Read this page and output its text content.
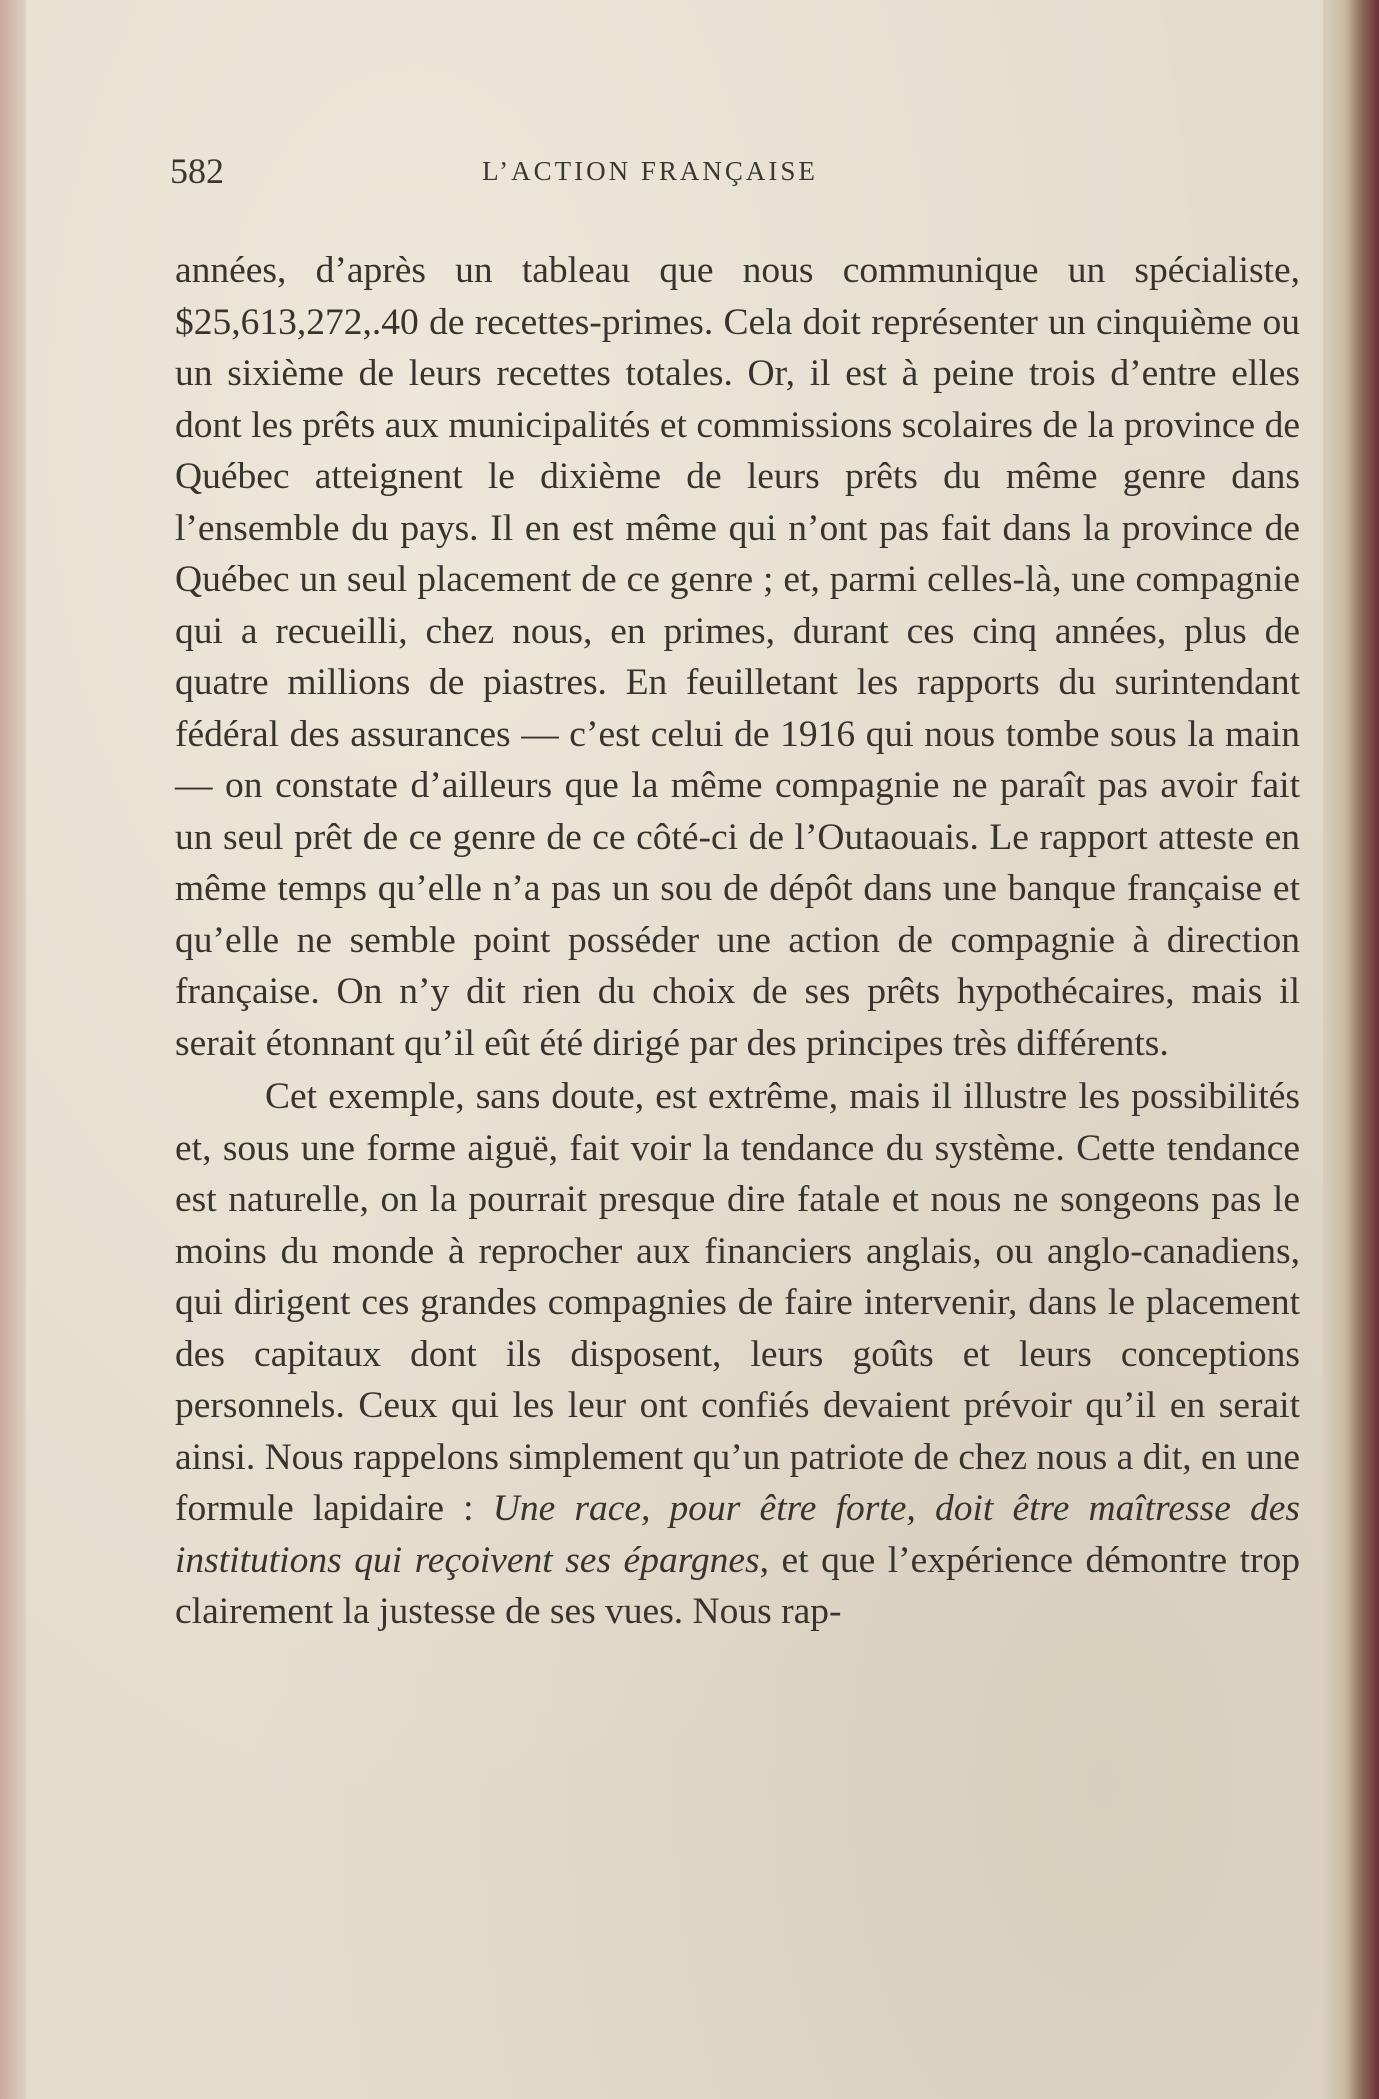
582	L’ACTION FRANÇAISE

années, d’après un tableau que nous communique un spécialiste, $25,613,272,.40 de recettes-primes. Cela doit représenter un cinquième ou un sixième de leurs recettes totales. Or, il est à peine trois d’entre elles dont les prêts aux municipalités et commissions scolaires de la province de Québec atteignent le dixième de leurs prêts du même genre dans l’ensemble du pays. Il en est même qui n’ont pas fait dans la province de Québec un seul placement de ce genre ; et, parmi celles-là, une compagnie qui a recueilli, chez nous, en primes, durant ces cinq années, plus de quatre millions de piastres. En feuilletant les rapports du surintendant fédéral des assurances — c’est celui de 1916 qui nous tombe sous la main — on constate d’ailleurs que la même compagnie ne paraît pas avoir fait un seul prêt de ce genre de ce côté-ci de l’Outaouais. Le rapport atteste en même temps qu’elle n’a pas un sou de dépôt dans une banque française et qu’elle ne semble point posséder une action de compagnie à direction française. On n’y dit rien du choix de ses prêts hypothécaires, mais il serait étonnant qu’il eût été dirigé par des principes très différents.

Cet exemple, sans doute, est extrême, mais il illustre les possibilités et, sous une forme aiguë, fait voir la tendance du système. Cette tendance est naturelle, on la pourrait presque dire fatale et nous ne songeons pas le moins du monde à reprocher aux financiers anglais, ou anglo-canadiens, qui dirigent ces grandes compagnies de faire intervenir, dans le placement des capitaux dont ils disposent, leurs goûts et leurs conceptions personnels. Ceux qui les leur ont confiés devaient prévoir qu’il en serait ainsi. Nous rappelons simplement qu’un patriote de chez nous a dit, en une formule lapidaire : Une race, pour être forte, doit être maîtresse des institutions qui reçoivent ses épargnes, et que l’expérience démontre trop clairement la justesse de ses vues. Nous rap-
